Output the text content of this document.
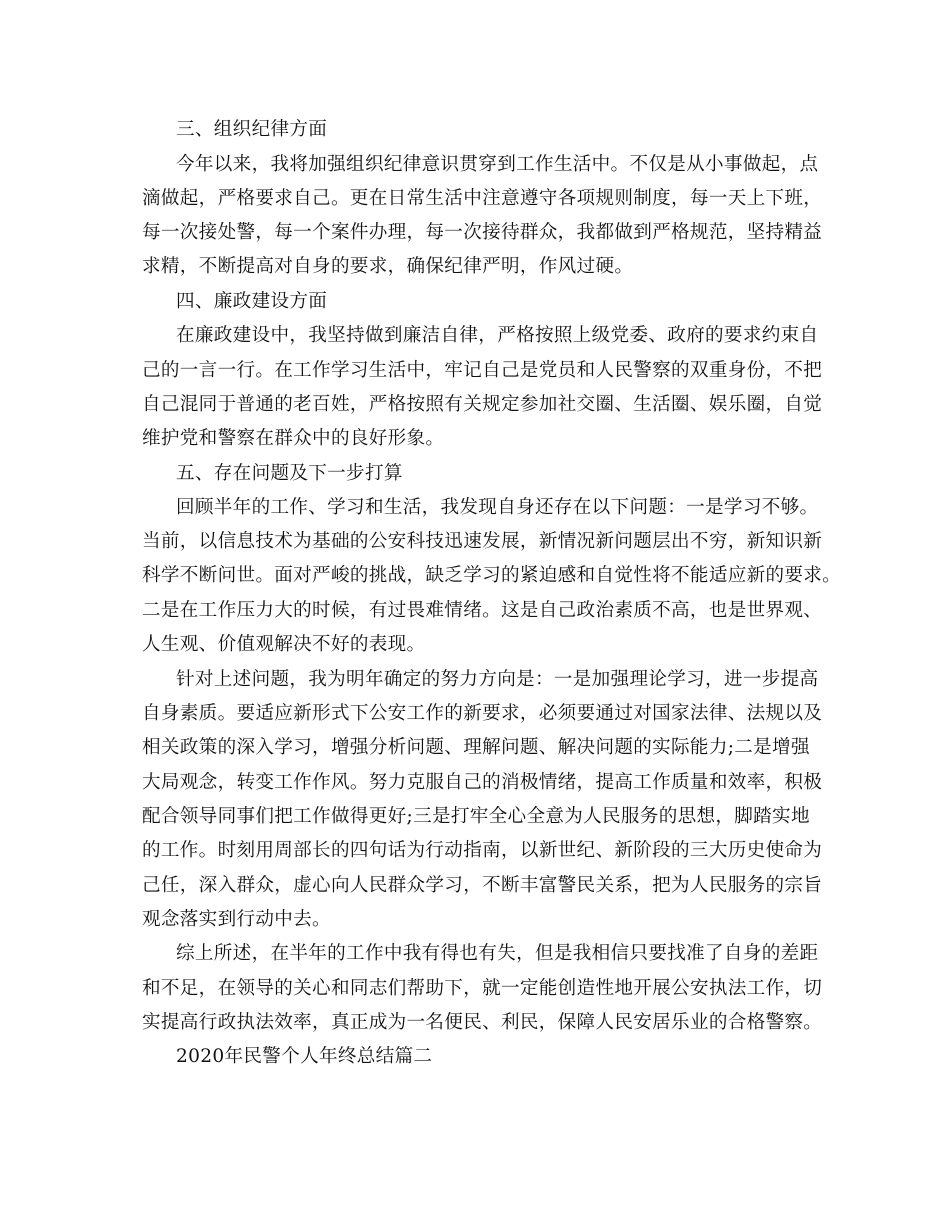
三、组织纪律方面
今年以来，我将加强组织纪律意识贯穿到工作生活中。不仅是从小事做起，点
滴做起，严格要求自己。更在日常生活中注意遵守各项规则制度，每一天上下班，
每一次接处警，每一个案件办理，每一次接待群众，我都做到严格规范，坚持精益
求精，不断提高对自身的要求，确保纪律严明，作风过硬。
四、廉政建设方面
在廉政建设中，我坚持做到廉洁自律，严格按照上级党委、政府的要求约束自
己的一言一行。在工作学习生活中，牢记自己是党员和人民警察的双重身份，不把
自己混同于普通的老百姓，严格按照有关规定参加社交圈、生活圈、娱乐圈，自觉
维护党和警察在群众中的良好形象。
五、存在问题及下一步打算
回顾半年的工作、学习和生活，我发现自身还存在以下问题：一是学习不够。
当前，以信息技术为基础的公安科技迅速发展，新情况新问题层出不穷，新知识新
科学不断问世。面对严峻的挑战，缺乏学习的紧迫感和自觉性将不能适应新的要求。
二是在工作压力大的时候，有过畏难情绪。这是自己政治素质不高，也是世界观、
人生观、价值观解决不好的表现。
针对上述问题，我为明年确定的努力方向是：一是加强理论学习，进一步提高
自身素质。要适应新形式下公安工作的新要求，必须要通过对国家法律、法规以及
相关政策的深入学习，增强分析问题、理解问题、解决问题的实际能力;二是增强
大局观念，转变工作作风。努力克服自己的消极情绪，提高工作质量和效率，积极
配合领导同事们把工作做得更好;三是打牢全心全意为人民服务的思想，脚踏实地
的工作。时刻用周部长的四句话为行动指南，以新世纪、新阶段的三大历史使命为
己任，深入群众，虚心向人民群众学习，不断丰富警民关系，把为人民服务的宗旨
观念落实到行动中去。
综上所述，在半年的工作中我有得也有失，但是我相信只要找准了自身的差距
和不足，在领导的关心和同志们帮助下，就一定能创造性地开展公安执法工作，切
实提高行政执法效率，真正成为一名便民、利民，保障人民安居乐业的合格警察。
2020年民警个人年终总结篇二
